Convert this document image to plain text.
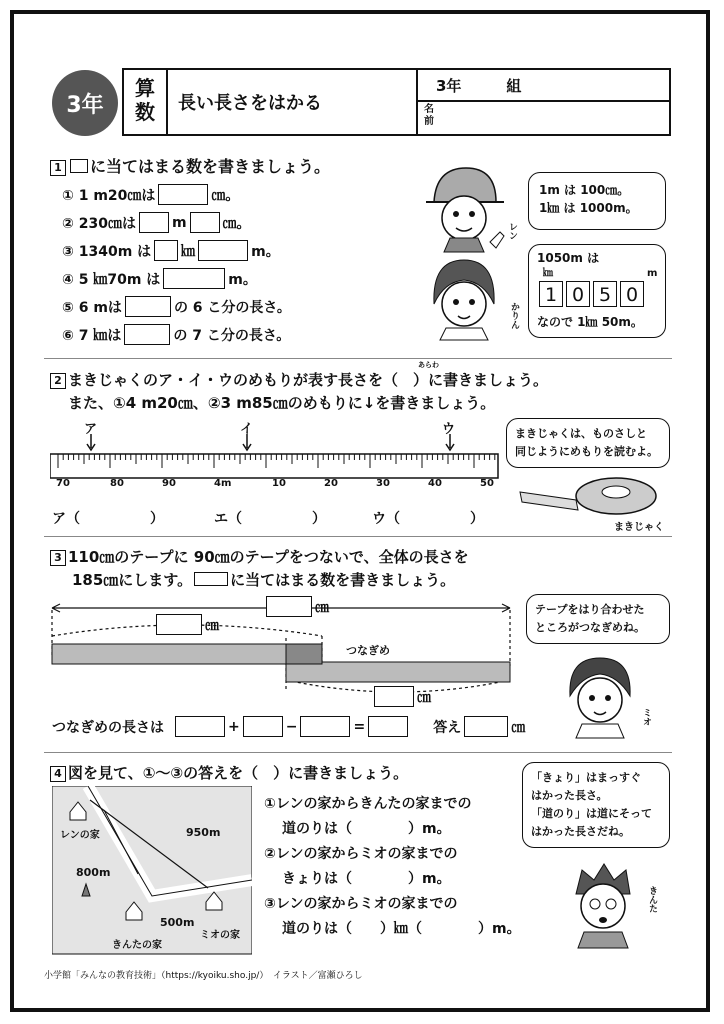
3年
算
数	長い長さをはかる
3年　　　組
名前
1 に当てはまる数を書きましょう。
① 1 m20㎝は	㎝。
② 230㎝は	m	㎝。
③ 1340m は ㎞	m。
④ 5 ㎞70m は	m。
⑤ 6 mは	の 6 こ分の長さ。
⑥ 7 ㎞は	の 7 こ分の長さ。
レン
かりん
1m は 100㎝。
1㎞ は 1000m。
1050m は
㎞	m
1 0 5 0
なので 1㎞ 50m。
あらわ
2 まきじゃくのア・イ・ウのめもりが表す長さを（　）に書きましょう。
また、①4 m20㎝、②3 m85㎝のめもりに↓を書きましょう。
ア	イ	ウ
70	80	90	4m	10	20	30	40	50
ア（　　　　　）	エ（　　　　　）	ウ（　　　　　）
まきじゃくは、ものさしと
同じようにめもりを読むよ。
まきじゃく
3 110㎝のテープに 90㎝のテープをつないで、全体の長さを
185㎝にします。	に当てはまる数を書きましょう。
㎝
㎝
つなぎめ
㎝
つなぎめの長さは	+	−	=	答え	㎝
テープをはり合わせた
ところがつなぎめね。
ミオ
4 図を見て、①〜③の答えを（　）に書きましょう。
レンの家	950m
800m
500m
きんたの家
ミオの家
①レンの家からきんたの家までの
道のりは（　　　　）m。
②レンの家からミオの家までの
きょりは（　　　　）m。
③レンの家からミオの家までの
道のりは（　　）㎞（　　　　）m。
「きょり」はまっすぐ
はかった長さ。
「道のり」は道にそって
はかった長さだね。
きんた
小学館「みんなの教育技術」（https://kyoiku.sho.jp/）　イラスト／富瀬ひろし
